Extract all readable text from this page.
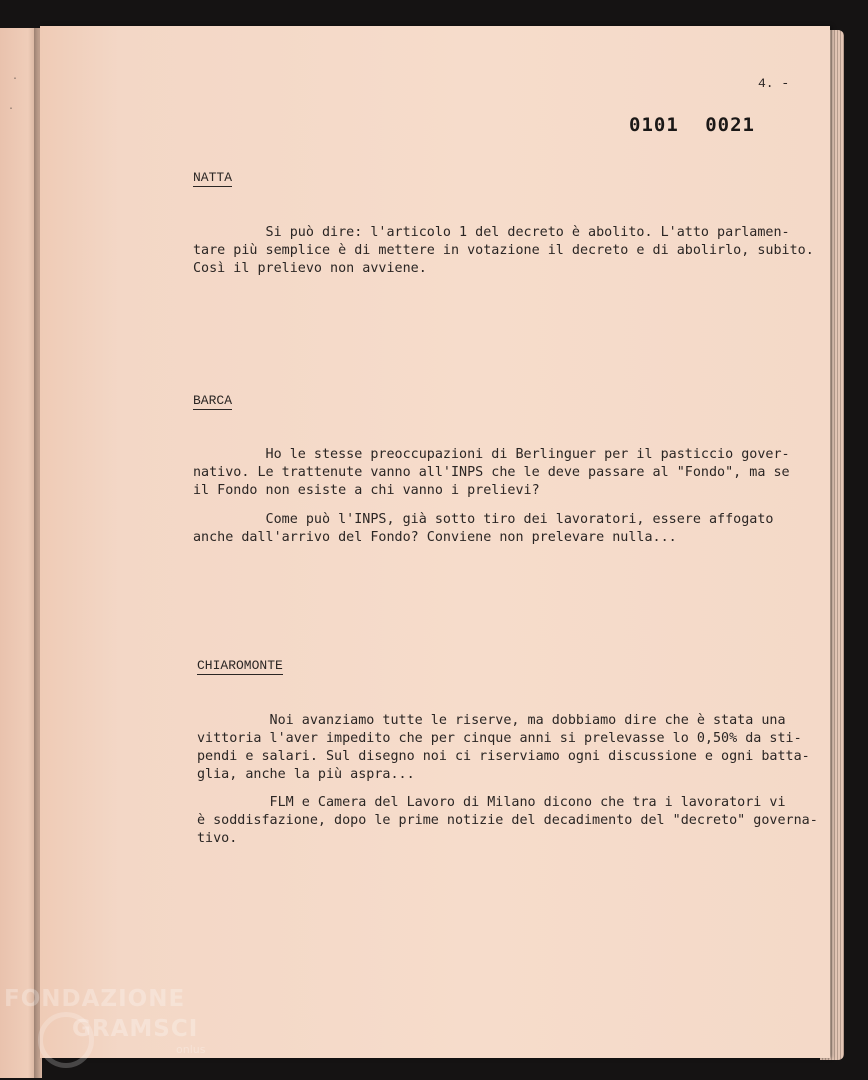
·
·
4. -
0101 0021
NATTA
Si può dire: l'articolo 1 del decreto è abolito. L'atto parlamen-
tare più semplice è di mettere in votazione il decreto e di abolirlo, subito.
Così il prelievo non avviene.
BARCA
Ho le stesse preoccupazioni di Berlinguer per il pasticcio gover-
nativo. Le trattenute vanno all'INPS che le deve passare al "Fondo", ma se
il Fondo non esiste a chi vanno i prelievi?
Come può l'INPS, già sotto tiro dei lavoratori, essere affogato
anche dall'arrivo del Fondo? Conviene non prelevare nulla...
CHIAROMONTE
Noi avanziamo tutte le riserve, ma dobbiamo dire che è stata una
vittoria l'aver impedito che per cinque anni si prelevasse lo 0,50% da sti-
pendi e salari. Sul disegno noi ci riserviamo ogni discussione e ogni batta-
glia, anche la più aspra...
FLM e Camera del Lavoro di Milano dicono che tra i lavoratori vi
è soddisfazione, dopo le prime notizie del decadimento del "decreto" governa-
tivo.
FONDAZIONE
GRAMSCI
onlus
